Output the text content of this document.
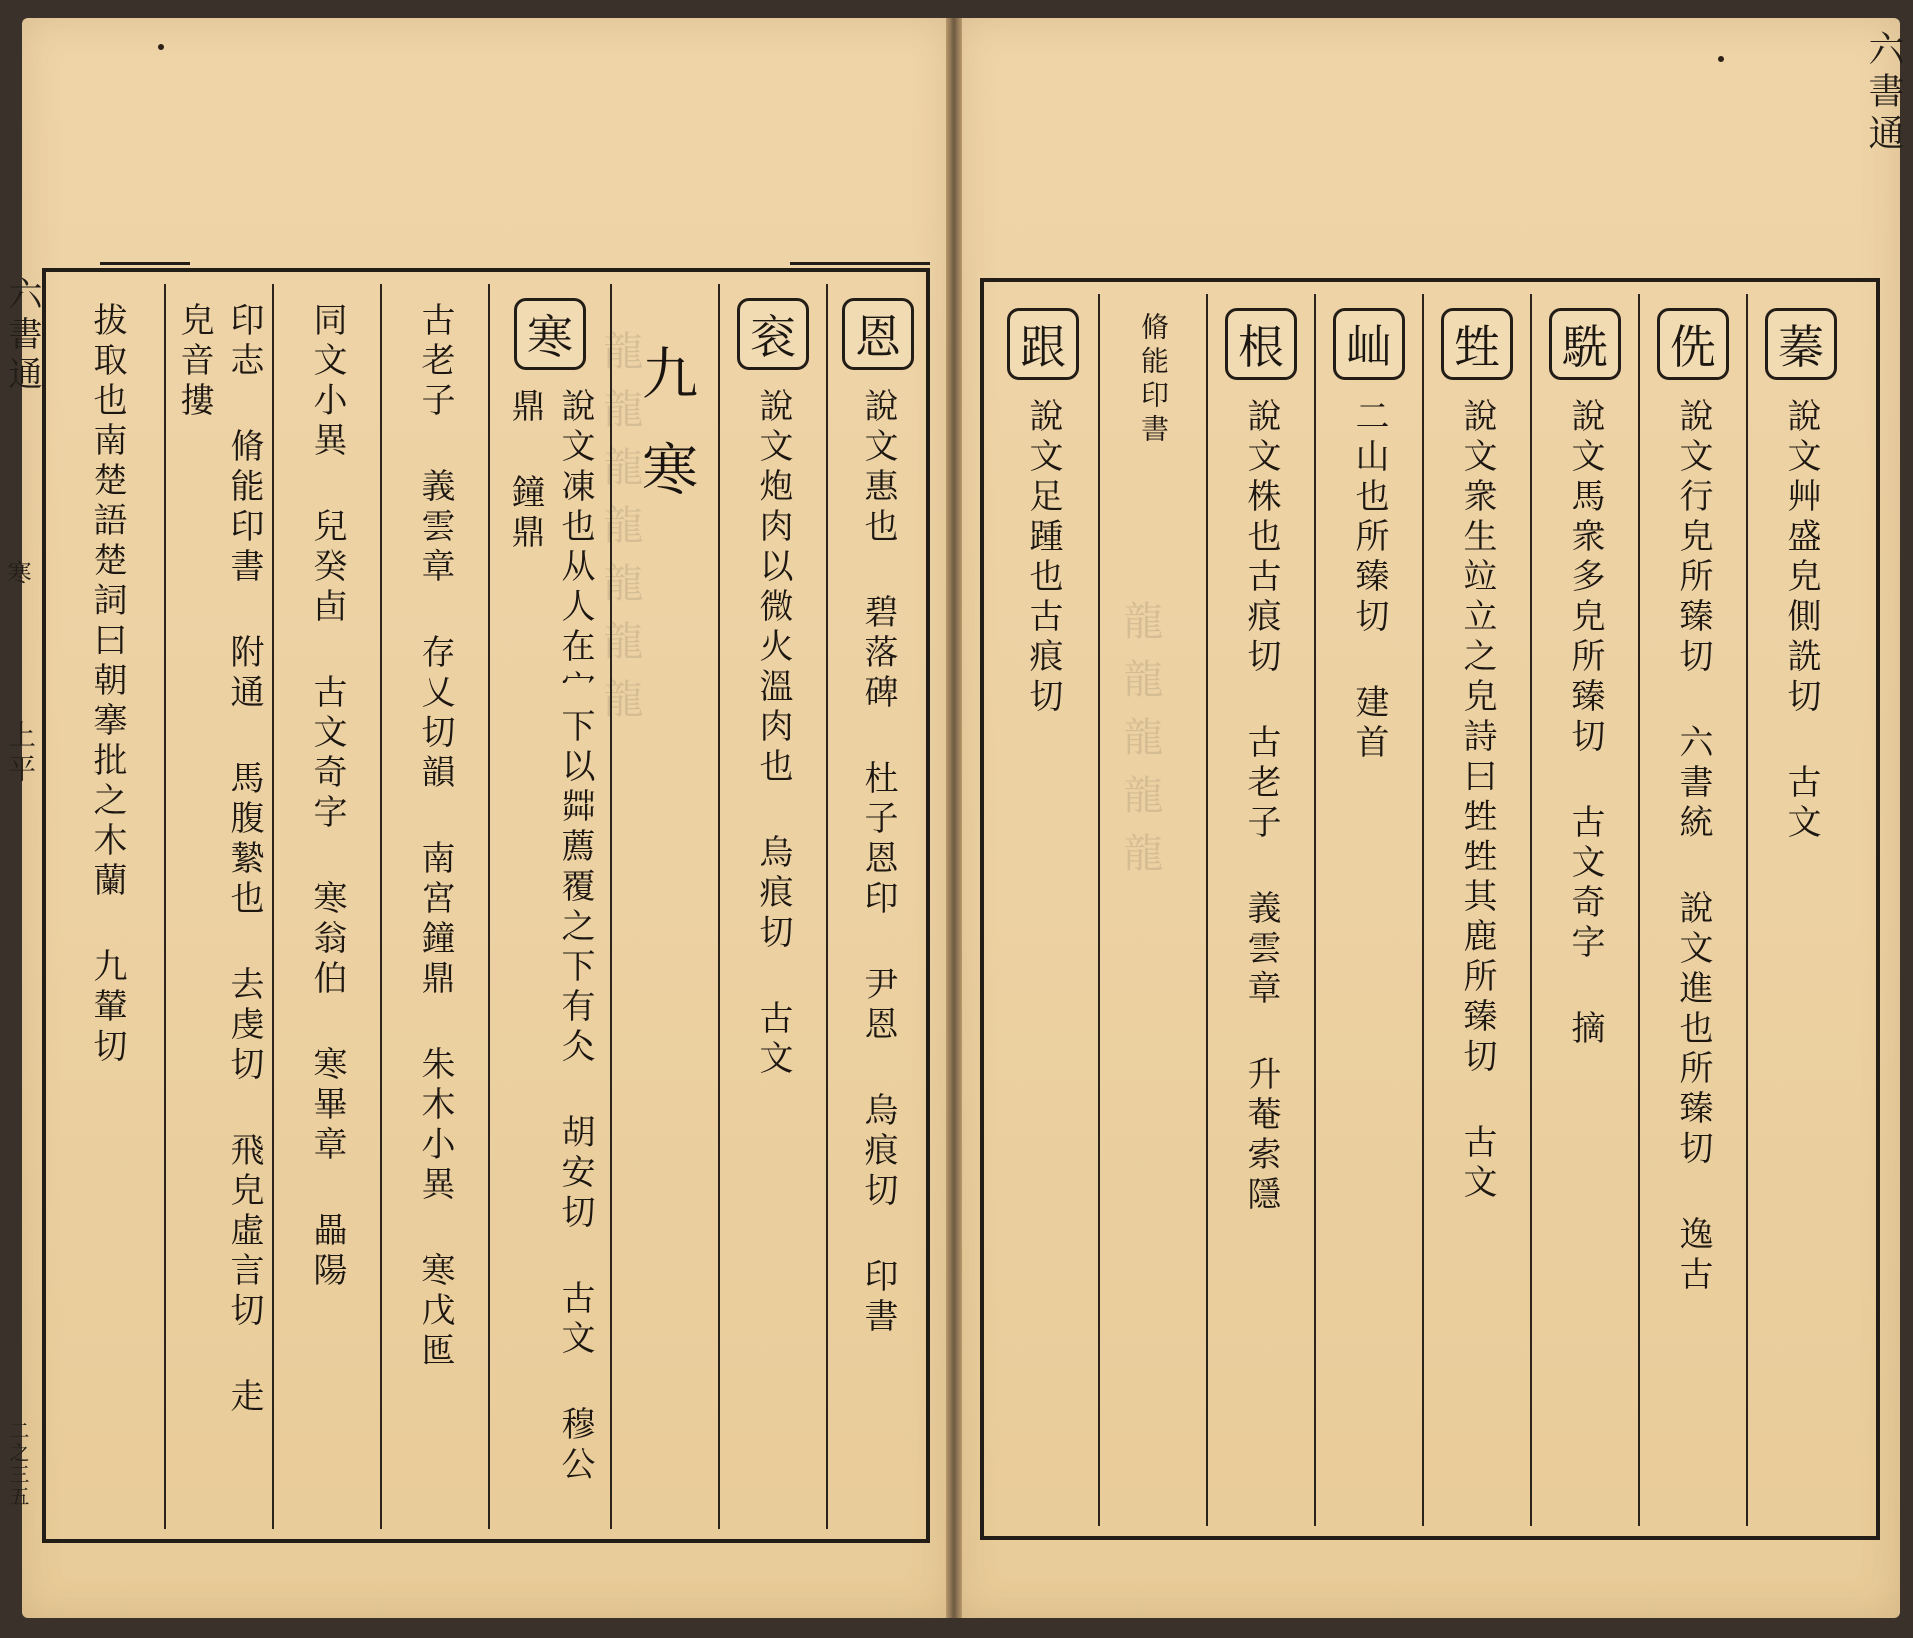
龍龍龍龍龍龍龍
龍龍龍龍龍
恩
說文惠也 碧落碑 杜子恩印 尹恩 烏痕切 印書
衮
說文炮肉以微火溫肉也 烏痕切 古文
九寒
寒
說文凍也从人在宀下以茻薦覆之下有仌 胡安切 古文 穆公鼎 鐘鼎
古老子 義雲章 存乂切韻 南宮鐘鼎 朱木小異 寒戊匜
同文小異 兒癸卣 古文奇字 寒翁伯 寒畢章 畾陽
印志 脩能印書 附通 馬腹縶也 去虔切 飛皃虛言切 走皃音摟
拔取也南楚語楚詞曰朝搴批之木蘭 九輦切
六書通
寒
上平
二之三五
蓁
說文艸盛皃側詵切 古文
侁
說文行皃所臻切 六書統 說文進也所臻切 逸古
駪
說文馬衆多皃所臻切 古文奇字 摘
甡
說文衆生竝立之皃詩曰甡甡其鹿所臻切 古文
屾
二山也所臻切 建首
根
說文株也古痕切 古老子 義雲章 升菴索隱
脩能印書
跟
說文足踵也古痕切
六書通
